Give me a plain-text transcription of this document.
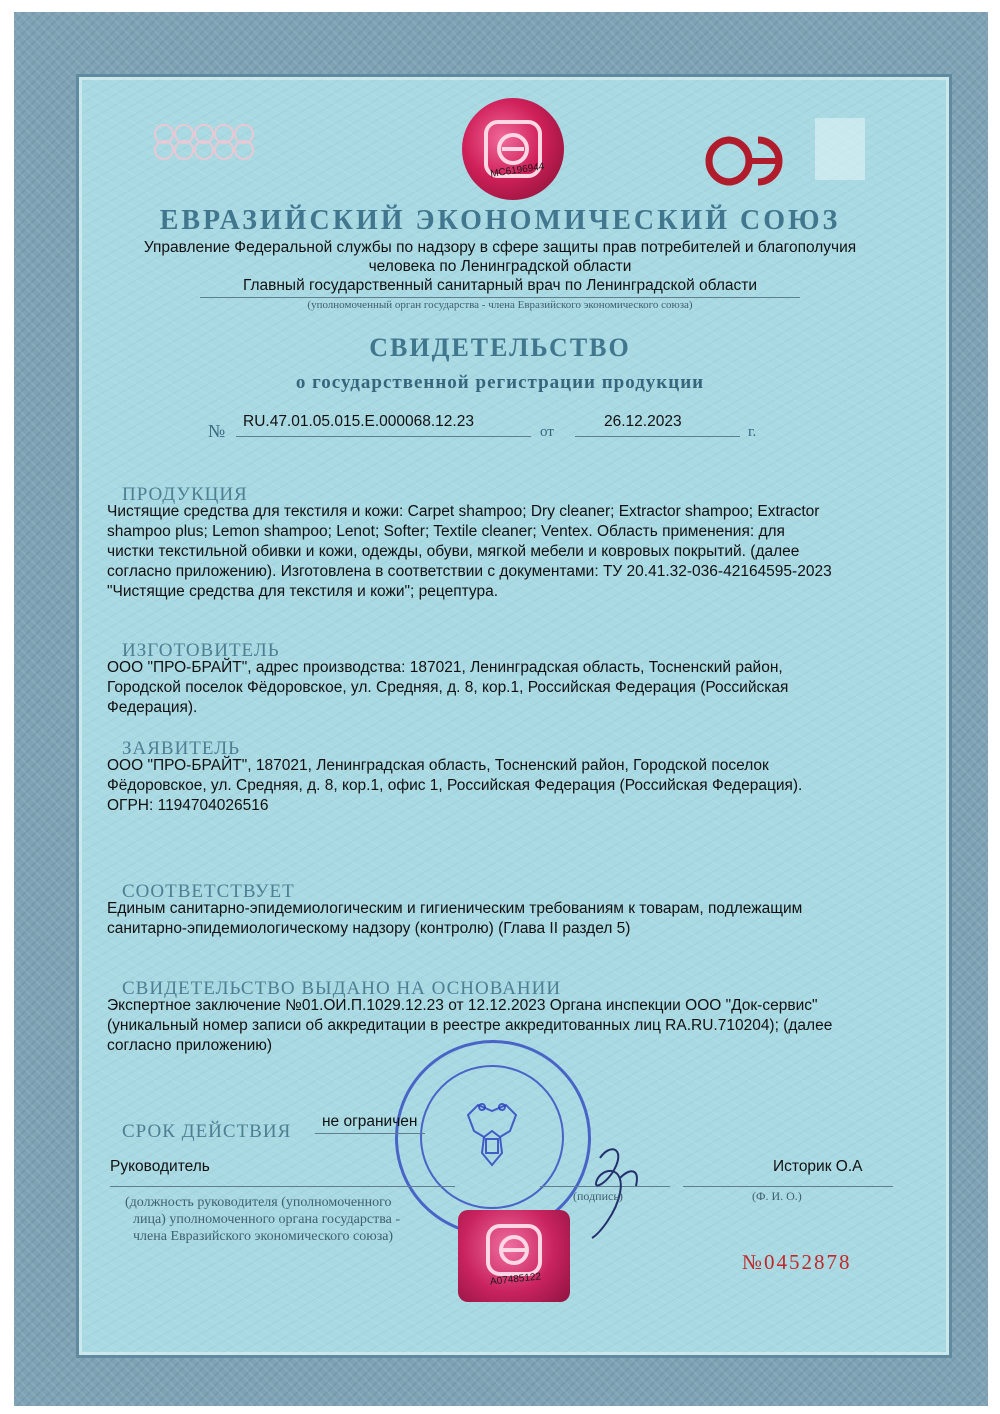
MC6196944
ЕВРАЗИЙСКИЙ ЭКОНОМИЧЕСКИЙ СОЮЗ
Управление Федеральной службы по надзору в сфере защиты прав потребителей и благополучия
человека по Ленинградской области
Главный государственный санитарный врач по Ленинградской области
(уполномоченный орган государства - члена Евразийского экономического союза)
СВИДЕТЕЛЬСТВО
о государственной регистрации продукции
№ RU.47.01.05.015.E.000068.12.23
от
26.12.2023
г.
ПРОДУКЦИЯ
Чистящие средства для текстиля и кожи: Carpet shampoo; Dry cleaner; Extractor shampoo; Extractor
shampoo plus; Lemon shampoo; Lenot; Softer; Textile cleaner; Ventex. Область применения: для
чистки текстильной обивки и кожи, одежды, обуви, мягкой мебели и ковровых покрытий. (далее
согласно приложению). Изготовлена в соответствии с документами: ТУ 20.41.32-036-42164595-2023
"Чистящие средства для текстиля и кожи"; рецептура.
ИЗГОТОВИТЕЛЬ
ООО "ПРО-БРАЙТ", адрес производства: 187021, Ленинградская область, Тосненский район,
Городской поселок Фёдоровское, ул. Средняя, д. 8, кор.1, Российская Федерация (Российская
Федерация).
ЗАЯВИТЕЛЬ
ООО "ПРО-БРАЙТ", 187021, Ленинградская область, Тосненский район, Городской поселок
Фёдоровское, ул. Средняя, д. 8, кор.1, офис 1, Российская Федерация (Российская Федерация).
ОГРН: 1194704026516
СООТВЕТСТВУЕТ
Единым санитарно-эпидемиологическим и гигиеническим требованиям к товарам, подлежащим
санитарно-эпидемиологическому надзору (контролю) (Глава II раздел 5)
СВИДЕТЕЛЬСТВО ВЫДАНО НА ОСНОВАНИИ
Экспертное заключение №01.ОИ.П.1029.12.23 от 12.12.2023 Органа инспекции ООО "Док-сервис"
(уникальный номер записи об аккредитации в реестре аккредитованных лиц RA.RU.710204); (далее
согласно приложению)
СРОК ДЕЙСТВИЯ не ограничен
Руководитель	Историк О.А
(должность руководителя (уполномоченного
лица) уполномоченного органа государства -
члена Евразийского экономического союза)
(подпись)	(Ф. И. О.)
A07485122
№0452878
